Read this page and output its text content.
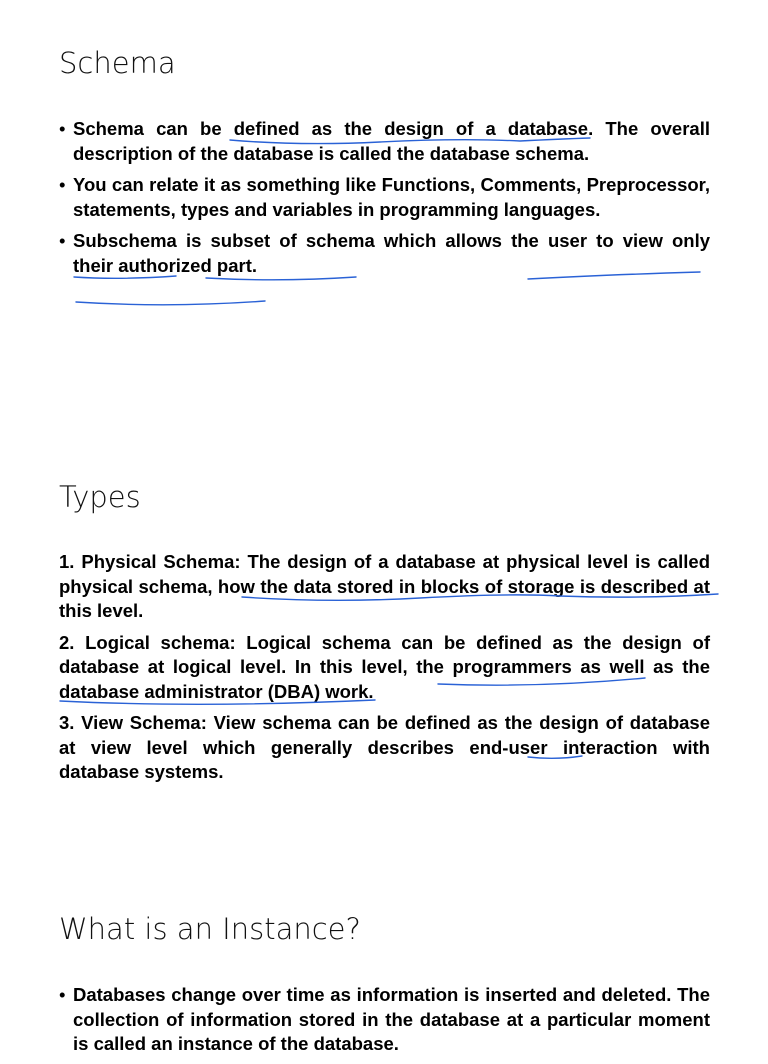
Schema
• Schema can be defined as the design of a database. The overall description of the database is called the database schema.
• You can relate it as something like Functions, Comments, Preprocessor, statements, types and variables in programming languages.
• Subschema is subset of schema which allows the user to view only their authorized part.
Types

1. Physical Schema: The design of a database at physical level is called physical schema, how the data stored in blocks of storage is described at this level.

2. Logical schema: Logical schema can be defined as the design of database at logical level. In this level, the programmers as well as the database administrator (DBA) work.

3. View Schema: View schema can be defined as the design of database at view level which generally describes end-user interaction with database systems.

What is an Instance?
• Databases change over time as information is inserted and deleted. The collection of information stored in the database at a particular moment is called an instance of the database.
